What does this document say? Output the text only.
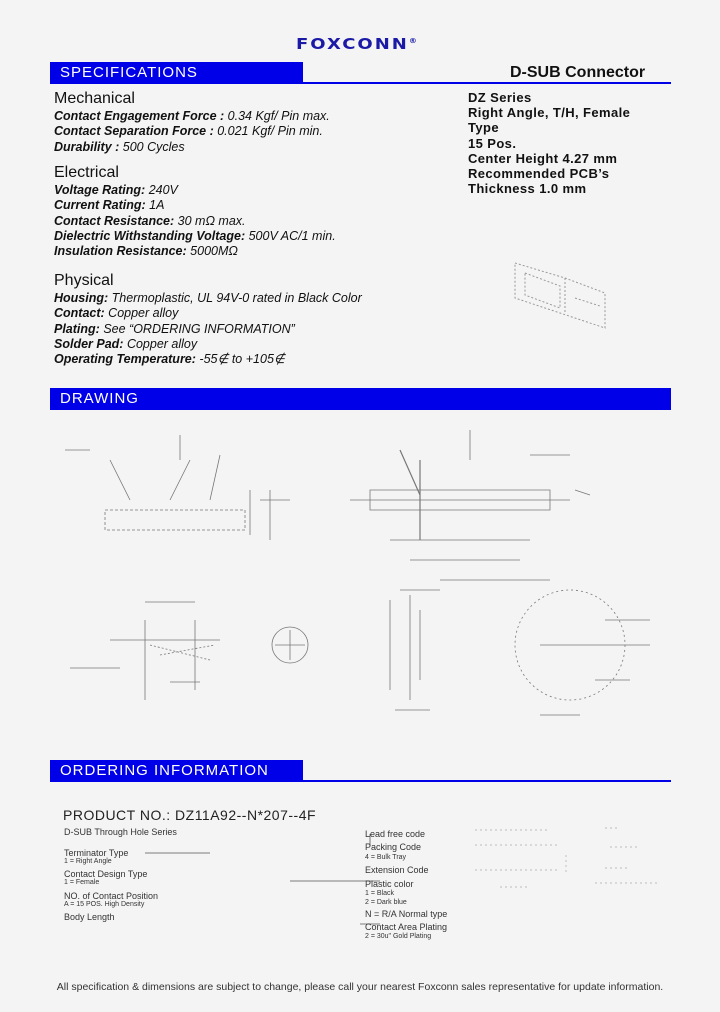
FOXCONN®
SPECIFICATIONS	D-SUB Connector
DZ Series
Right Angle, T/H, Female
Type
15 Pos.
Center Height 4.27 mm
Recommended PCB’s
Thickness 1.0 mm
Mechanical
Contact Engagement Force : 0.34 Kgf/ Pin max.
Contact Separation Force : 0.021 Kgf/ Pin min.
Durability : 500 Cycles
Electrical
Voltage Rating: 240V
Current Rating: 1A
Contact Resistance: 30 mΩ max.
Dielectric Withstanding Voltage: 500V AC/1 min.
Insulation Resistance: 5000MΩ
Physical
Housing: Thermoplastic, UL 94V-0 rated in Black Color
Contact: Copper alloy
Plating: See “ORDERING INFORMATION”
Solder Pad: Copper alloy
Operating Temperature: -55∉ to +105∉
DRAWING
ORDERING INFORMATION
PRODUCT NO.: DZ11A92--N*207--4F
D-SUB Through Hole Series
Terminator Type
1 = Right Angle
Contact Design Type
1 = Female
NO. of Contact Position
A = 15 POS. High Density
Body Length
Lead free code
Packing Code
4 = Bulk Tray
Extension Code
Plastic color
1 = Black
2 = Dark blue
N = R/A Normal type
Contact Area Plating
2 = 30u" Gold Plating
All specification & dimensions are subject to change, please call your nearest Foxconn sales representative for update information.
